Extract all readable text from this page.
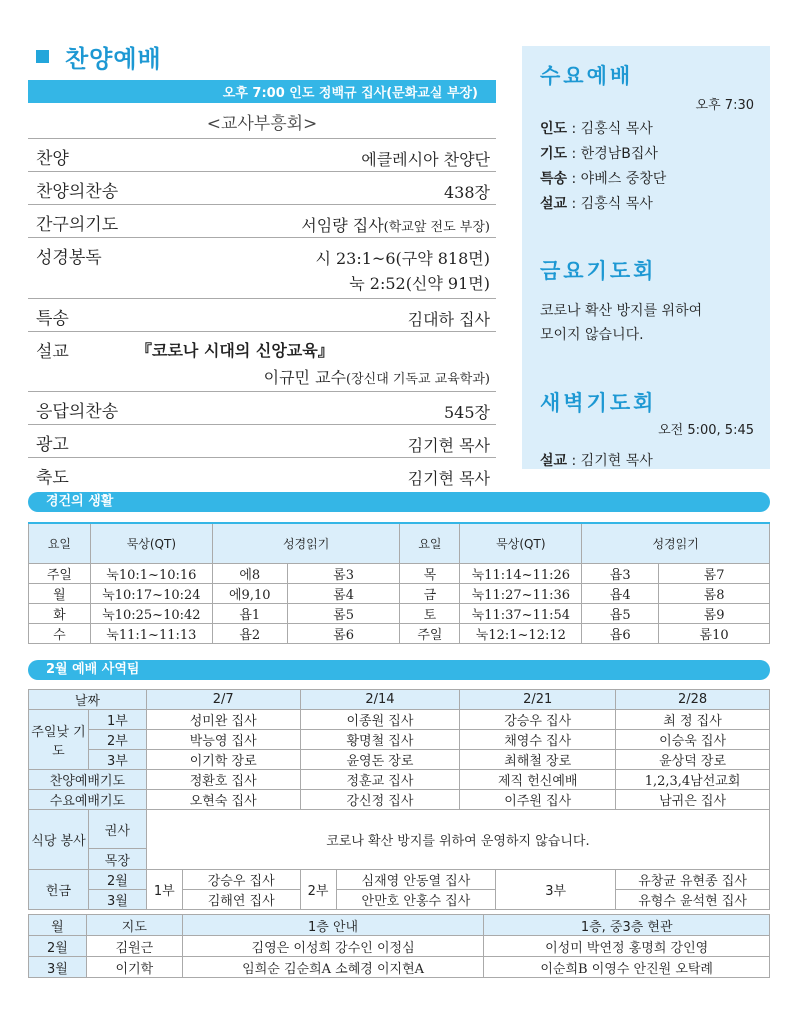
찬양예배
오후 7:00 인도 정백규 집사(문화교실 부장)
<교사부흥회>
찬양	에클레시아 찬양단
찬양의찬송	438장
간구의기도	서임량 집사(학교앞 전도 부장)
성경봉독	시 23:1~6(구약 818면)
눅 2:52(신약 91면)
특송	김대하 집사
설교	『코로나 시대의 신앙교육』
이규민 교수(장신대 기독교 교육학과)
응답의찬송	545장
광고	김기현 목사
축도	김기현 목사
수요예배
오후 7:30
인도 : 김홍식 목사
기도 : 한경남B집사
특송 : 야베스 중창단
설교 : 김홍식 목사
금요기도회
코로나 확산 방지를 위하여
모이지 않습니다.
새벽기도회
오전 5:00, 5:45
설교 : 김기현 목사
경건의 생활
요일	묵상(QT)	성경읽기		요일	묵상(QT)	성경읽기	
주일	눅10:1~10:16	에8	롬3	목	눅11:14~11:26	욥3	롬7
월	눅10:17~10:24	에9,10	롬4	금	눅11:27~11:36	욥4	롬8
화	눅10:25~10:42	욥1	롬5	토	눅11:37~11:54	욥5	롬9
수	눅11:1~11:13	욥2	롬6	주일	눅12:1~12:12	욥6	롬10
2월 예배 사역팀
날짜		2/7		2/14		2/21		2/28
주일낮 기도	1부	성미완 집사		이종원 집사		강승우 집사		최 정 집사
	2부	박능영 집사		황명철 집사		채영수 집사		이승욱 집사
	3부	이기학 장로		윤영돈 장로		최해철 장로		윤상덕 장로
찬양예배기도		정환호 집사		정훈교 집사		제직 헌신예배		1,2,3,4남선교회
수요예배기도		오현숙 집사		강신정 집사		이주원 집사		남귀은 집사
식당 봉사	권사	코로나 확산 방지를 위하여 운영하지 않습니다.						
	목장							
헌금	2월	1부	강승우 집사	2부	심재영 안동열 집사		3부	유창균 유현종 집사
	3월		김해연 집사		안만호 안홍수 집사			유형수 윤석현 집사
월	지도	1층 안내	1층, 중3층 현관
2월	김원근	김영은 이성희 강수인 이정심	이성미 박연정 홍명희 강인영
3월	이기학	임희순 김순희A 소혜경 이지현A	이순희B 이영수 안진원 오탁례
